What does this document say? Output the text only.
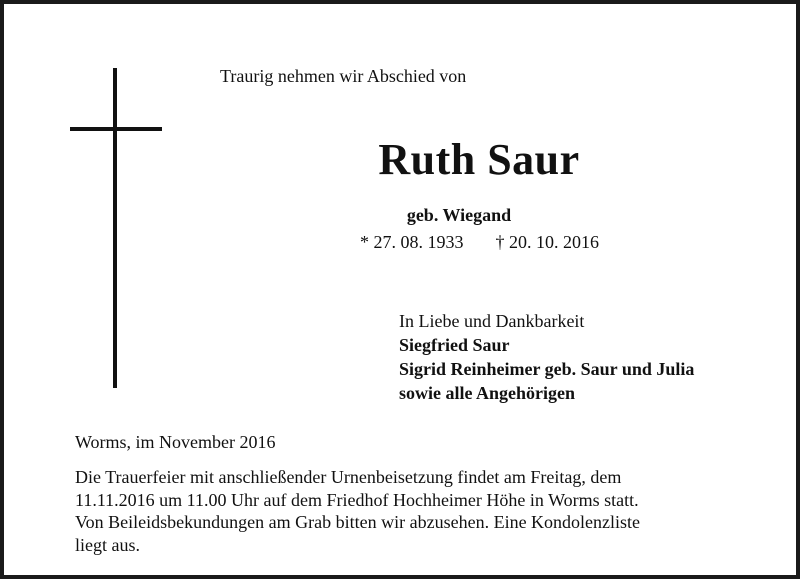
Traurig nehmen wir Abschied von
Ruth Saur
geb. Wiegand
* 27. 08. 1933 † 20. 10. 2016
In Liebe und Dankbarkeit
Siegfried Saur
Sigrid Reinheimer geb. Saur und Julia
sowie alle Angehörigen
Worms, im November 2016
Die Trauerfeier mit anschließender Urnenbeisetzung findet am Freitag, dem
11.11.2016 um 11.00 Uhr auf dem Friedhof Hochheimer Höhe in Worms statt.
Von Beileidsbekundungen am Grab bitten wir abzusehen. Eine Kondolenzliste
liegt aus.
